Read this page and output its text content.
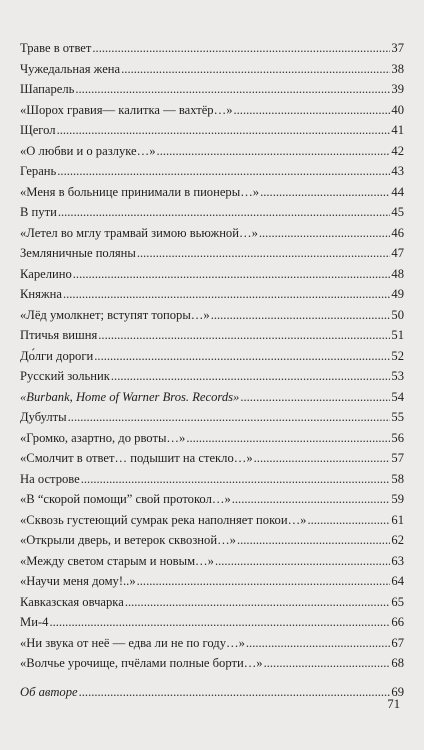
Траве в ответ .....	37
Чужедальная жена .....	38
Шапарель .....	39
«Шорох гравия— калитка — вахтёр…» .....	40
Щегол .....	41
«О любви и о разлуке…» .....	42
Герань .....	43
«Меня в больнице принимали в пионеры…» .....	44
В пути .....	45
«Летел во мглу трамвай зимою вьюжной…» .....	46
Земляничные поляны .....	47
Карелино .....	48
Княжна .....	49
«Лёд умолкнет; вступят топоры…» .....	50
Птичья вишня .....	51
До́лги дороги .....	52
Русский зольник .....	53
«Burbank, Home of Warner Bros. Records» .....	54
Дубулты .....	55
«Громко, азартно, до рвоты…» .....	56
«Смолчит в ответ… подышит на стекло…» .....	57
На острове .....	58
«В “скорой помощи” свой протокол…» .....	59
«Сквозь густеющий сумрак река наполняет покои…» .....	61
«Открыли дверь, и ветерок сквозной…» .....	62
«Между светом старым и новым…» .....	63
«Научи меня дому!..» .....	64
Кавказская овчарка .....	65
Ми-4 .....	66
«Ни звука от неё — едва ли не по году…» .....	67
«Волчье урочище, пчёлами полные борти…» .....	68
Об авторе .....	69
71
